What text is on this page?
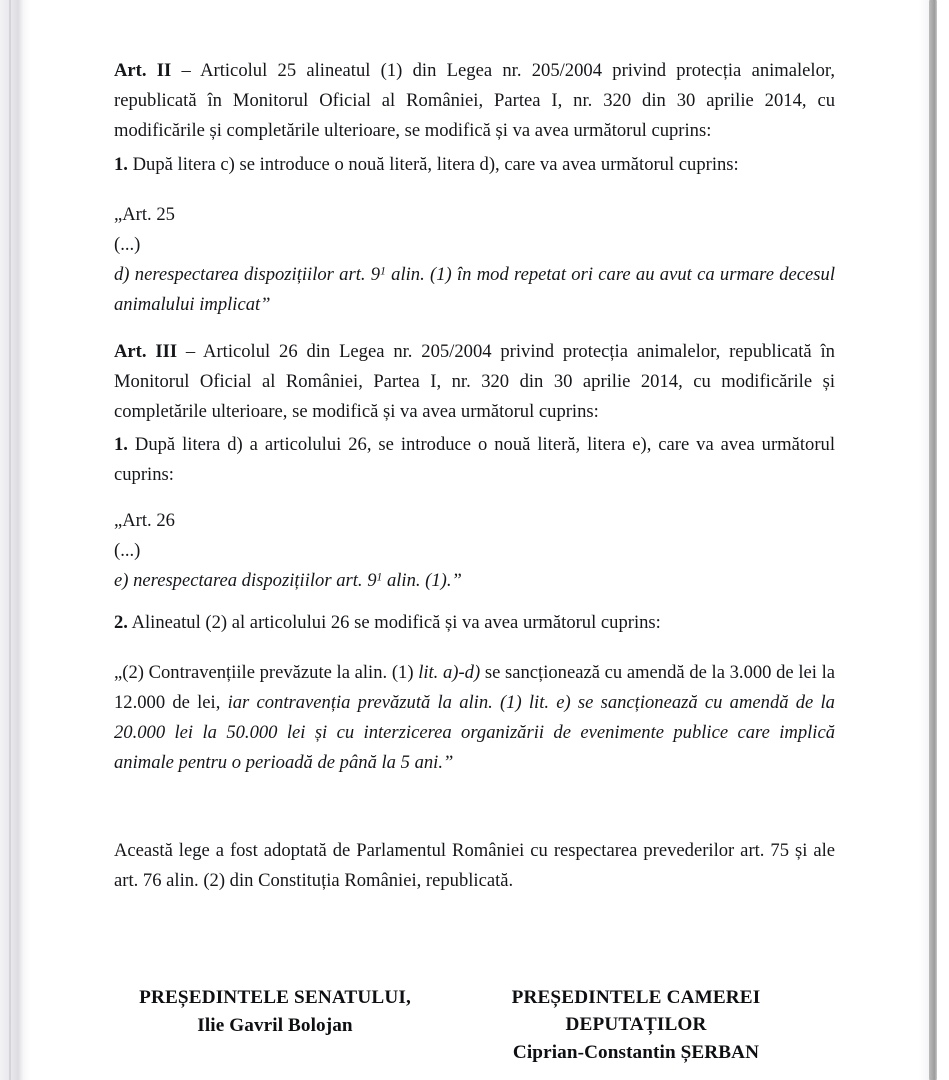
Art. II – Articolul 25 alineatul (1) din Legea nr. 205/2004 privind protecția animalelor, republicată în Monitorul Oficial al României, Partea I, nr. 320 din 30 aprilie 2014, cu modificările și completările ulterioare, se modifică și va avea următorul cuprins:

1. După litera c) se introduce o nouă literă, litera d), care va avea următorul cuprins:

„Art. 25

(...)

d) nerespectarea dispozițiilor art. $9^1$ alin. (1) în mod repetat ori care au avut ca urmare decesul animalului implicat”

Art. III – Articolul 26 din Legea nr. 205/2004 privind protecția animalelor, republicată în Monitorul Oficial al României, Partea I, nr. 320 din 30 aprilie 2014, cu modificările și completările ulterioare, se modifică și va avea următorul cuprins:

1. După litera d) a articolului 26, se introduce o nouă literă, litera e), care va avea următorul cuprins:

„Art. 26

(...)

e) nerespectarea dispozițiilor art. $9^1$ alin. (1).”

2. Alineatul (2) al articolului 26 se modifică și va avea următorul cuprins:

„(2) Contravențiile prevăzute la alin. (1) lit. a)-d) se sancționează cu amendă de la 3.000 de lei la 12.000 de lei, iar contravenția prevăzută la alin. (1) lit. e) se sancționează cu amendă de la 20.000 lei la 50.000 lei și cu interzicerea organizării de evenimente publice care implică animale pentru o perioadă de până la 5 ani.”

Această lege a fost adoptată de Parlamentul României cu respectarea prevederilor art. 75 și ale art. 76 alin. (2) din Constituția României, republicată.

PREȘEDINTELE SENATULUI,
Ilie Gavril Bolojan
PREȘEDINTELE CAMEREI DEPUTAȚILOR
Ciprian-Constantin ȘERBAN
